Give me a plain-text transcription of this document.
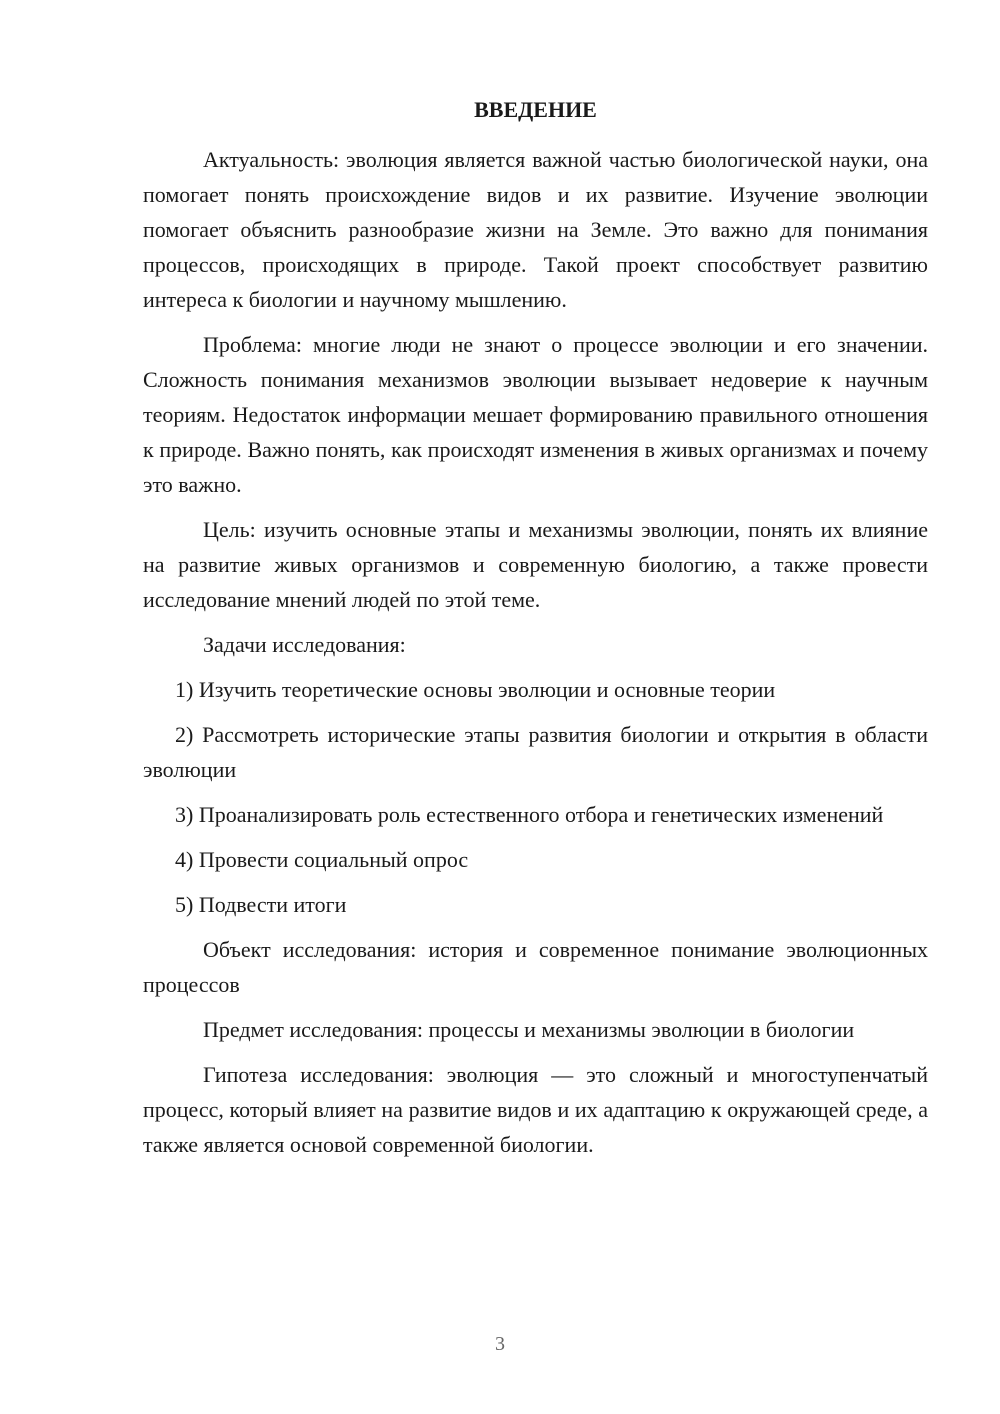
ВВЕДЕНИЕ

Актуальность: эволюция является важной частью биологической науки, она помогает понять происхождение видов и их развитие. Изучение эволюции помогает объяснить разнообразие жизни на Земле. Это важно для понимания процессов, происходящих в природе. Такой проект способствует развитию интереса к биологии и научному мышлению.

Проблема: многие люди не знают о процессе эволюции и его значении. Сложность понимания механизмов эволюции вызывает недоверие к научным теориям. Недостаток информации мешает формированию правильного отношения к природе. Важно понять, как происходят изменения в живых организмах и почему это важно.

Цель: изучить основные этапы и механизмы эволюции, понять их влияние на развитие живых организмов и современную биологию, а также провести исследование мнений людей по этой теме.

Задачи исследования:

1) Изучить теоретические основы эволюции и основные теории

2) Рассмотреть исторические этапы развития биологии и открытия в области эволюции

3) Проанализировать роль естественного отбора и генетических изменений

4) Провести социальный опрос

5) Подвести итоги

Объект исследования: история и современное понимание эволюционных процессов

Предмет исследования: процессы и механизмы эволюции в биологии

Гипотеза исследования: эволюция — это сложный и многоступенчатый процесс, который влияет на развитие видов и их адаптацию к окружающей среде, а также является основой современной биологии.

3
